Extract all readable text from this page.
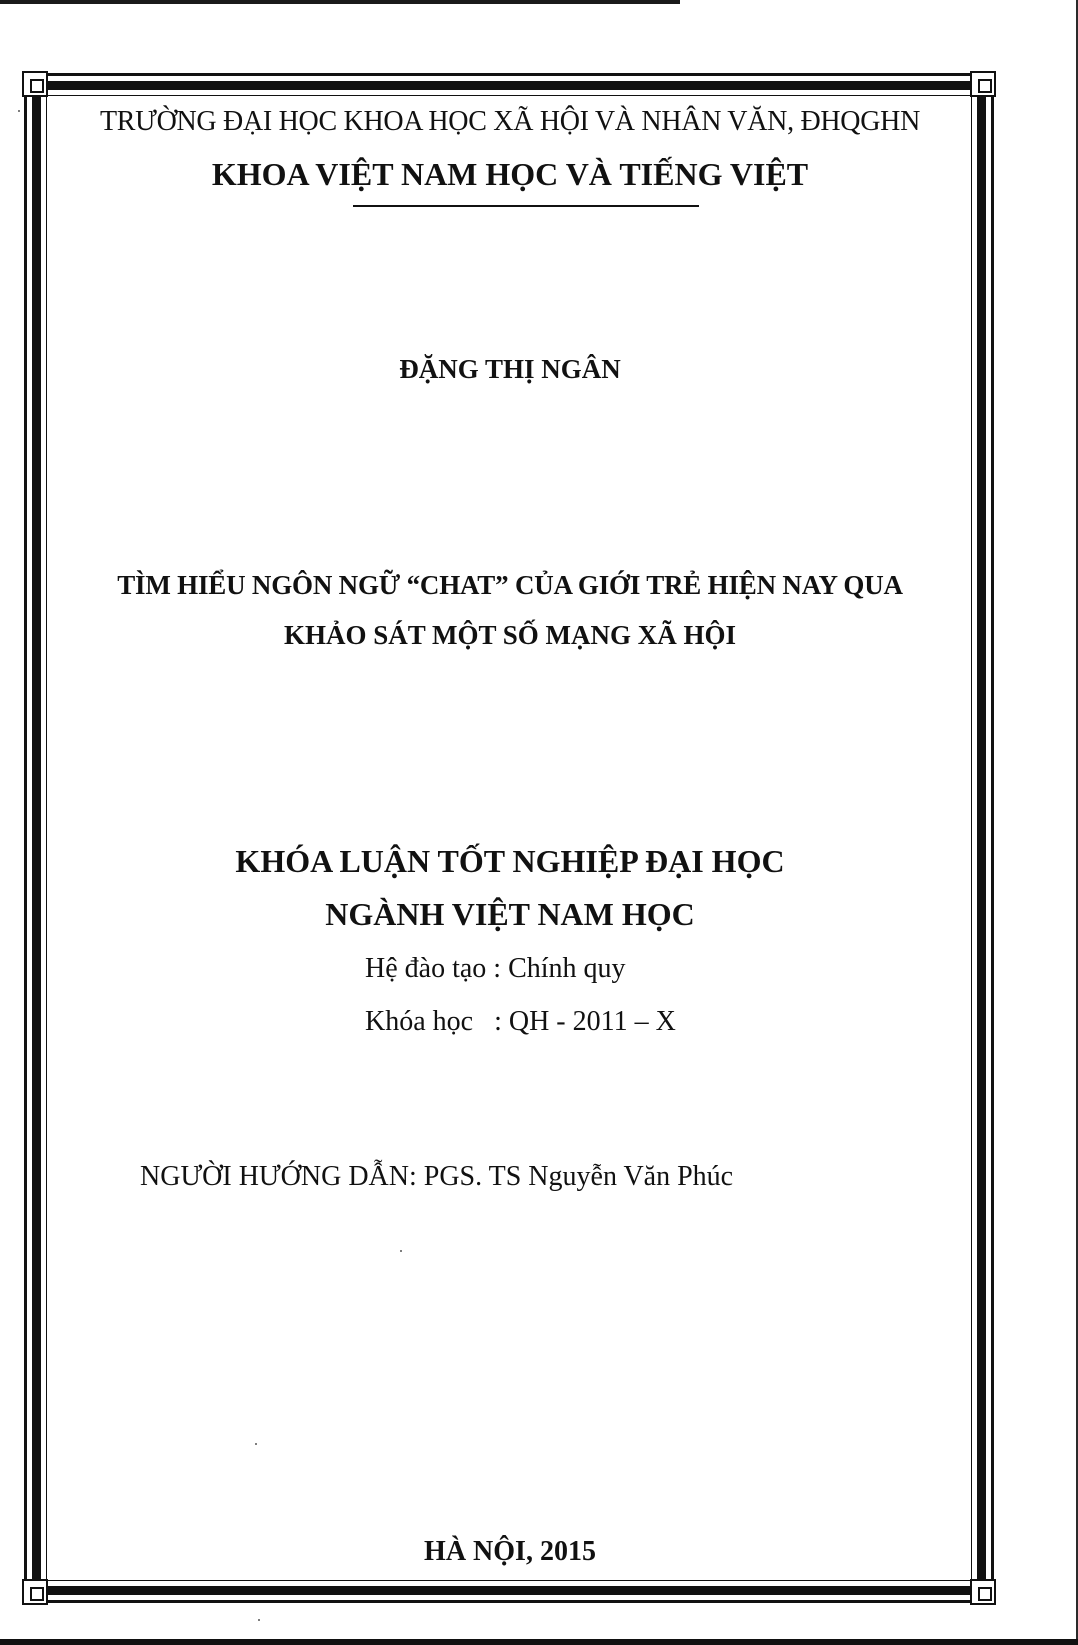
TRƯỜNG ĐẠI HỌC KHOA HỌC XÃ HỘI VÀ NHÂN VĂN, ĐHQGHN
KHOA VIỆT NAM HỌC VÀ TIẾNG VIỆT
ĐẶNG THỊ NGÂN
TÌM HIỂU NGÔN NGỮ “CHAT” CỦA GIỚI TRẺ HIỆN NAY QUA
KHẢO SÁT MỘT SỐ MẠNG XÃ HỘI
KHÓA LUẬN TỐT NGHIỆP ĐẠI HỌC
NGÀNH VIỆT NAM HỌC
Hệ đào tạo : Chính quy
Khóa học   : QH - 2011 – X
NGƯỜI HƯỚNG DẪN: PGS. TS Nguyễn Văn Phúc
HÀ NỘI, 2015
